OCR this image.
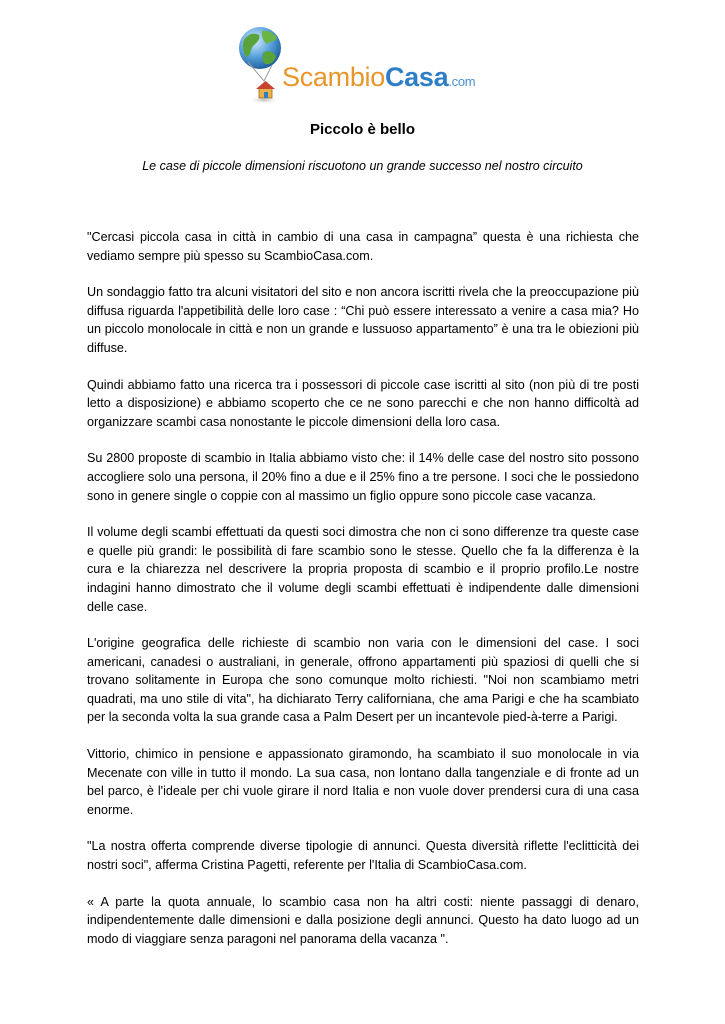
ScambioCasa.com
Piccolo è bello
Le case di piccole dimensioni riscuotono un grande successo nel nostro circuito

"Cercasi piccola casa in città in cambio di una casa in campagna” questa è una richiesta che vediamo sempre più spesso su ScambioCasa.com.

Un sondaggio fatto tra alcuni visitatori del sito e non ancora iscritti rivela che la preoccupazione più diffusa riguarda l'appetibilità delle loro case : “Chi può essere interessato a venire a casa mia? Ho un piccolo monolocale in città e non un grande e lussuoso appartamento” è una tra le obiezioni più diffuse.

Quindi abbiamo fatto una ricerca tra i possessori di piccole case iscritti al sito (non più di tre posti letto a disposizione) e abbiamo scoperto che ce ne sono parecchi e che non hanno difficoltà ad organizzare scambi casa nonostante le piccole dimensioni della loro casa.

Su 2800 proposte di scambio in Italia abbiamo visto che: il 14% delle case del nostro sito possono accogliere solo una persona, il 20% fino a due e il 25% fino a tre persone. I soci che le possiedono sono in genere single o coppie con al massimo un figlio oppure sono piccole case vacanza.

Il volume degli scambi effettuati da questi soci dimostra che non ci sono differenze tra queste case e quelle più grandi: le possibilità di fare scambio sono le stesse. Quello che fa la differenza è la cura e la chiarezza nel descrivere la propria proposta di scambio e il proprio profilo.Le nostre indagini hanno dimostrato che il volume degli scambi effettuati è indipendente dalle dimensioni delle case.

L'origine geografica delle richieste di scambio non varia con le dimensioni del case. I soci americani, canadesi o australiani, in generale, offrono appartamenti più spaziosi di quelli che si trovano solitamente in Europa che sono comunque molto richiesti. "Noi non scambiamo metri quadrati, ma uno stile di vita", ha dichiarato Terry californiana, che ama Parigi e che ha scambiato per la seconda volta la sua grande casa a Palm Desert per un incantevole pied-à-terre a Parigi.

Vittorio, chimico in pensione e appassionato giramondo, ha scambiato il suo monolocale in via Mecenate con ville in tutto il mondo. La sua casa, non lontano dalla tangenziale e di fronte ad un bel parco, è l'ideale per chi vuole girare il nord Italia e non vuole dover prendersi cura di una casa enorme.

"La nostra offerta comprende diverse tipologie di annunci. Questa diversità riflette l'eclitticità dei nostri soci", afferma Cristina Pagetti, referente per l'Italia di ScambioCasa.com.

« A parte la quota annuale, lo scambio casa non ha altri costi: niente passaggi di denaro, indipendentemente dalle dimensioni e dalla posizione degli annunci. Questo ha dato luogo ad un modo di viaggiare senza paragoni nel panorama della vacanza ".
